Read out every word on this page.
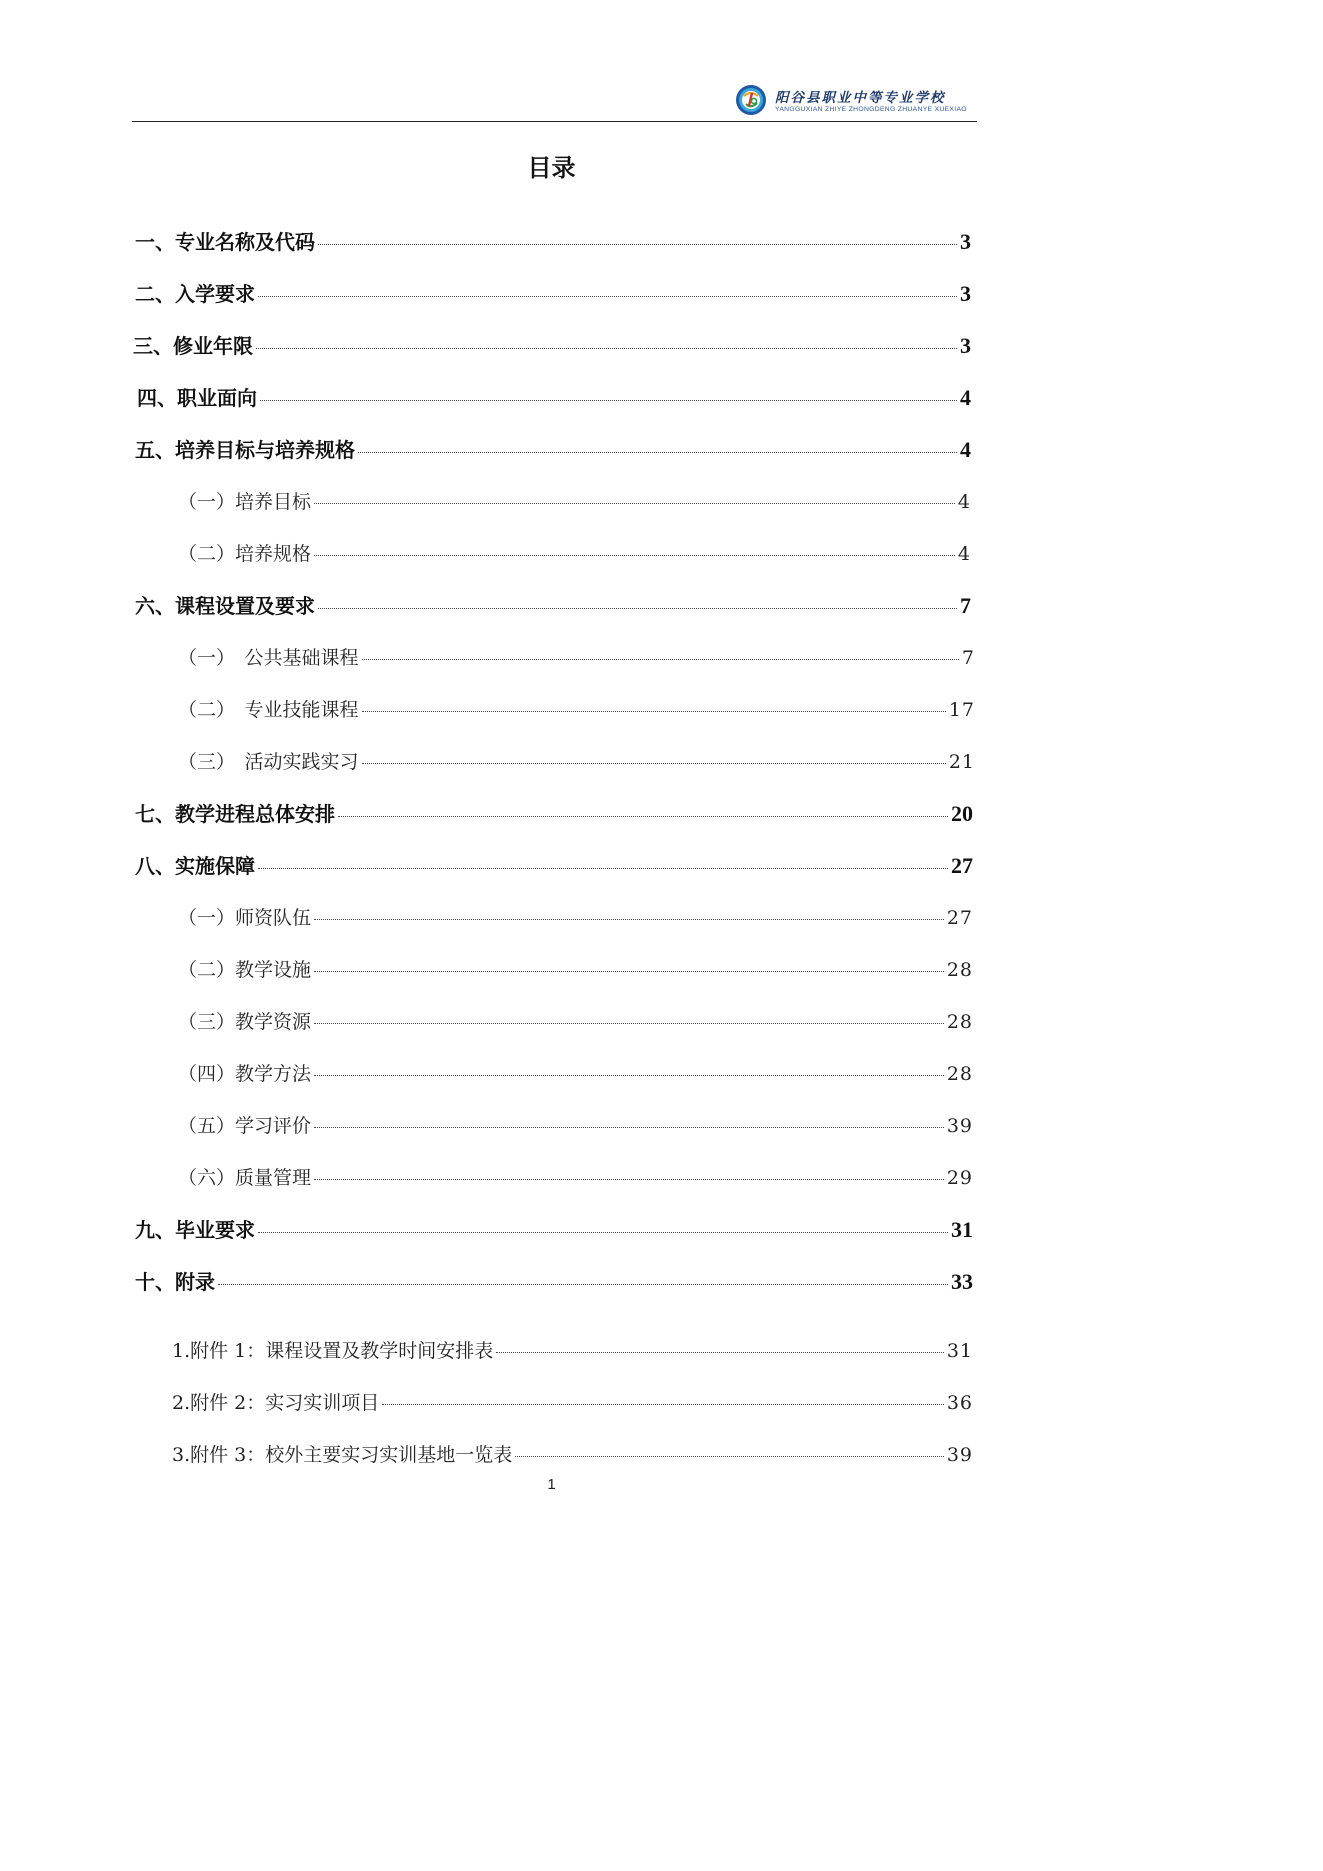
阳谷县职业中等专业学校
YANGGUXIAN ZHIYE ZHONGDENG ZHUANYE XUEXIAO
目录
一、专业名称及代码	3
二、入学要求	3
三、修业年限	3
四、职业面向	4
五、培养目标与培养规格	4
（一）培养目标	4
（二）培养规格	4
六、课程设置及要求	7
（一）　公共基础课程	7
（二）　专业技能课程	17
（三）　活动实践实习	21
七、教学进程总体安排	20
八、实施保障	27
（一）师资队伍	27
（二）教学设施	28
（三）教学资源	28
（四）教学方法	28
（五）学习评价	39
（六）质量管理	29
九、毕业要求	31
十、附录	33
1.附件 1：课程设置及教学时间安排表	31
2.附件 2：实习实训项目	36
3.附件 3：校外主要实习实训基地一览表	39
1
